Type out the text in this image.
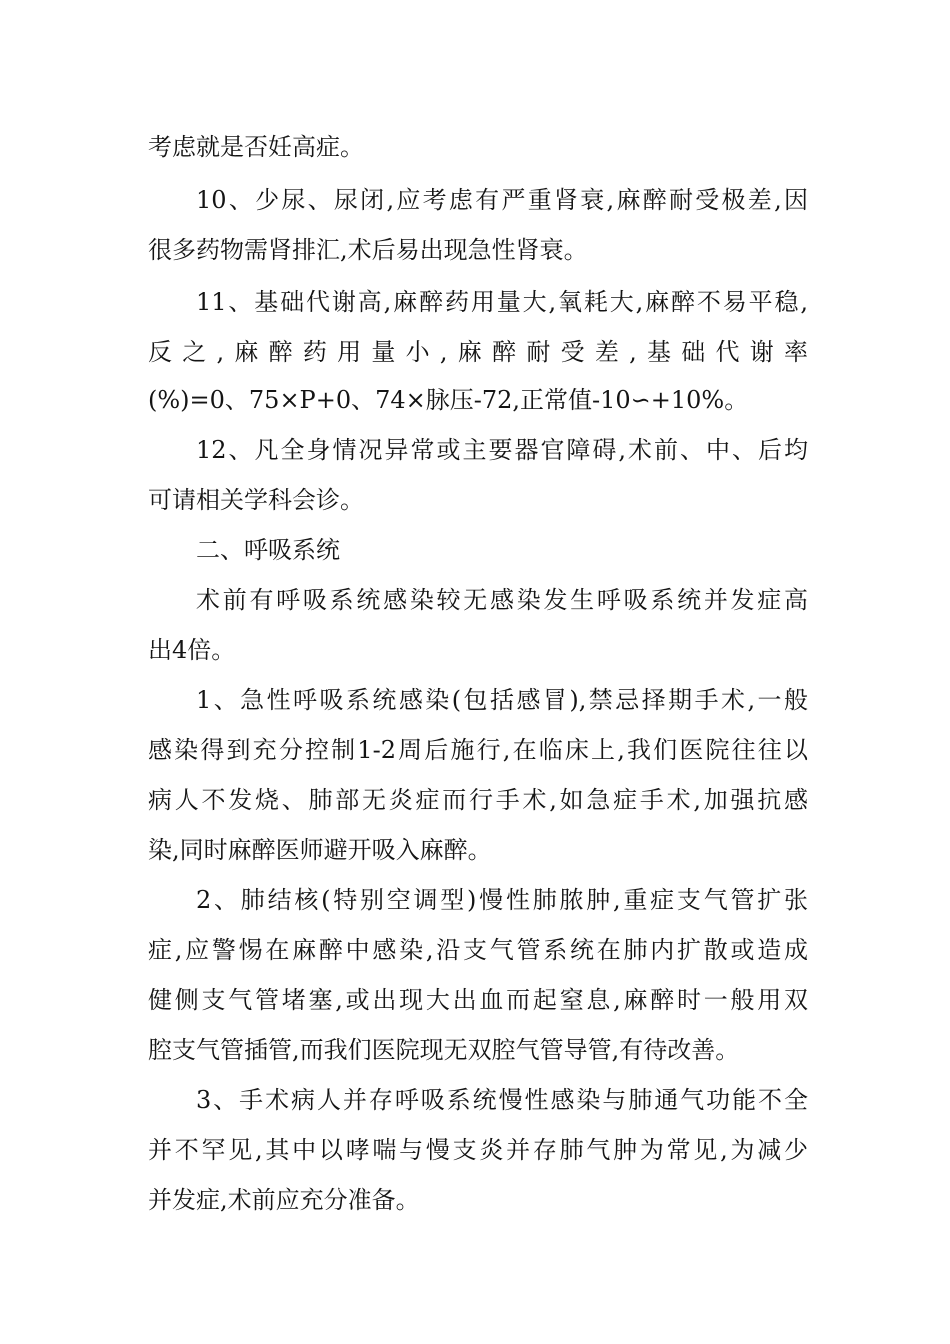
考虑就是否妊高症。
10、少尿、尿闭,应考虑有严重肾衰,麻醉耐受极差,因
很多药物需肾排汇,术后易出现急性肾衰。
11、基础代谢高,麻醉药用量大,氧耗大,麻醉不易平稳,
反之,麻醉药用量小,麻醉耐受差,基础代谢率
(%)=0、75×P+0、74×脉压-72,正常值-10∽+10%。
12、凡全身情况异常或主要器官障碍,术前、中、后均
可请相关学科会诊。
二、呼吸系统
术前有呼吸系统感染较无感染发生呼吸系统并发症高
出4倍。
1、急性呼吸系统感染(包括感冒),禁忌择期手术,一般
感染得到充分控制1-2周后施行,在临床上,我们医院往往以
病人不发烧、肺部无炎症而行手术,如急症手术,加强抗感
染,同时麻醉医师避开吸入麻醉。
2、肺结核(特别空调型)慢性肺脓肿,重症支气管扩张
症,应警惕在麻醉中感染,沿支气管系统在肺内扩散或造成
健侧支气管堵塞,或出现大出血而起窒息,麻醉时一般用双
腔支气管插管,而我们医院现无双腔气管导管,有待改善。
3、手术病人并存呼吸系统慢性感染与肺通气功能不全
并不罕见,其中以哮喘与慢支炎并存肺气肿为常见,为减少
并发症,术前应充分准备。
